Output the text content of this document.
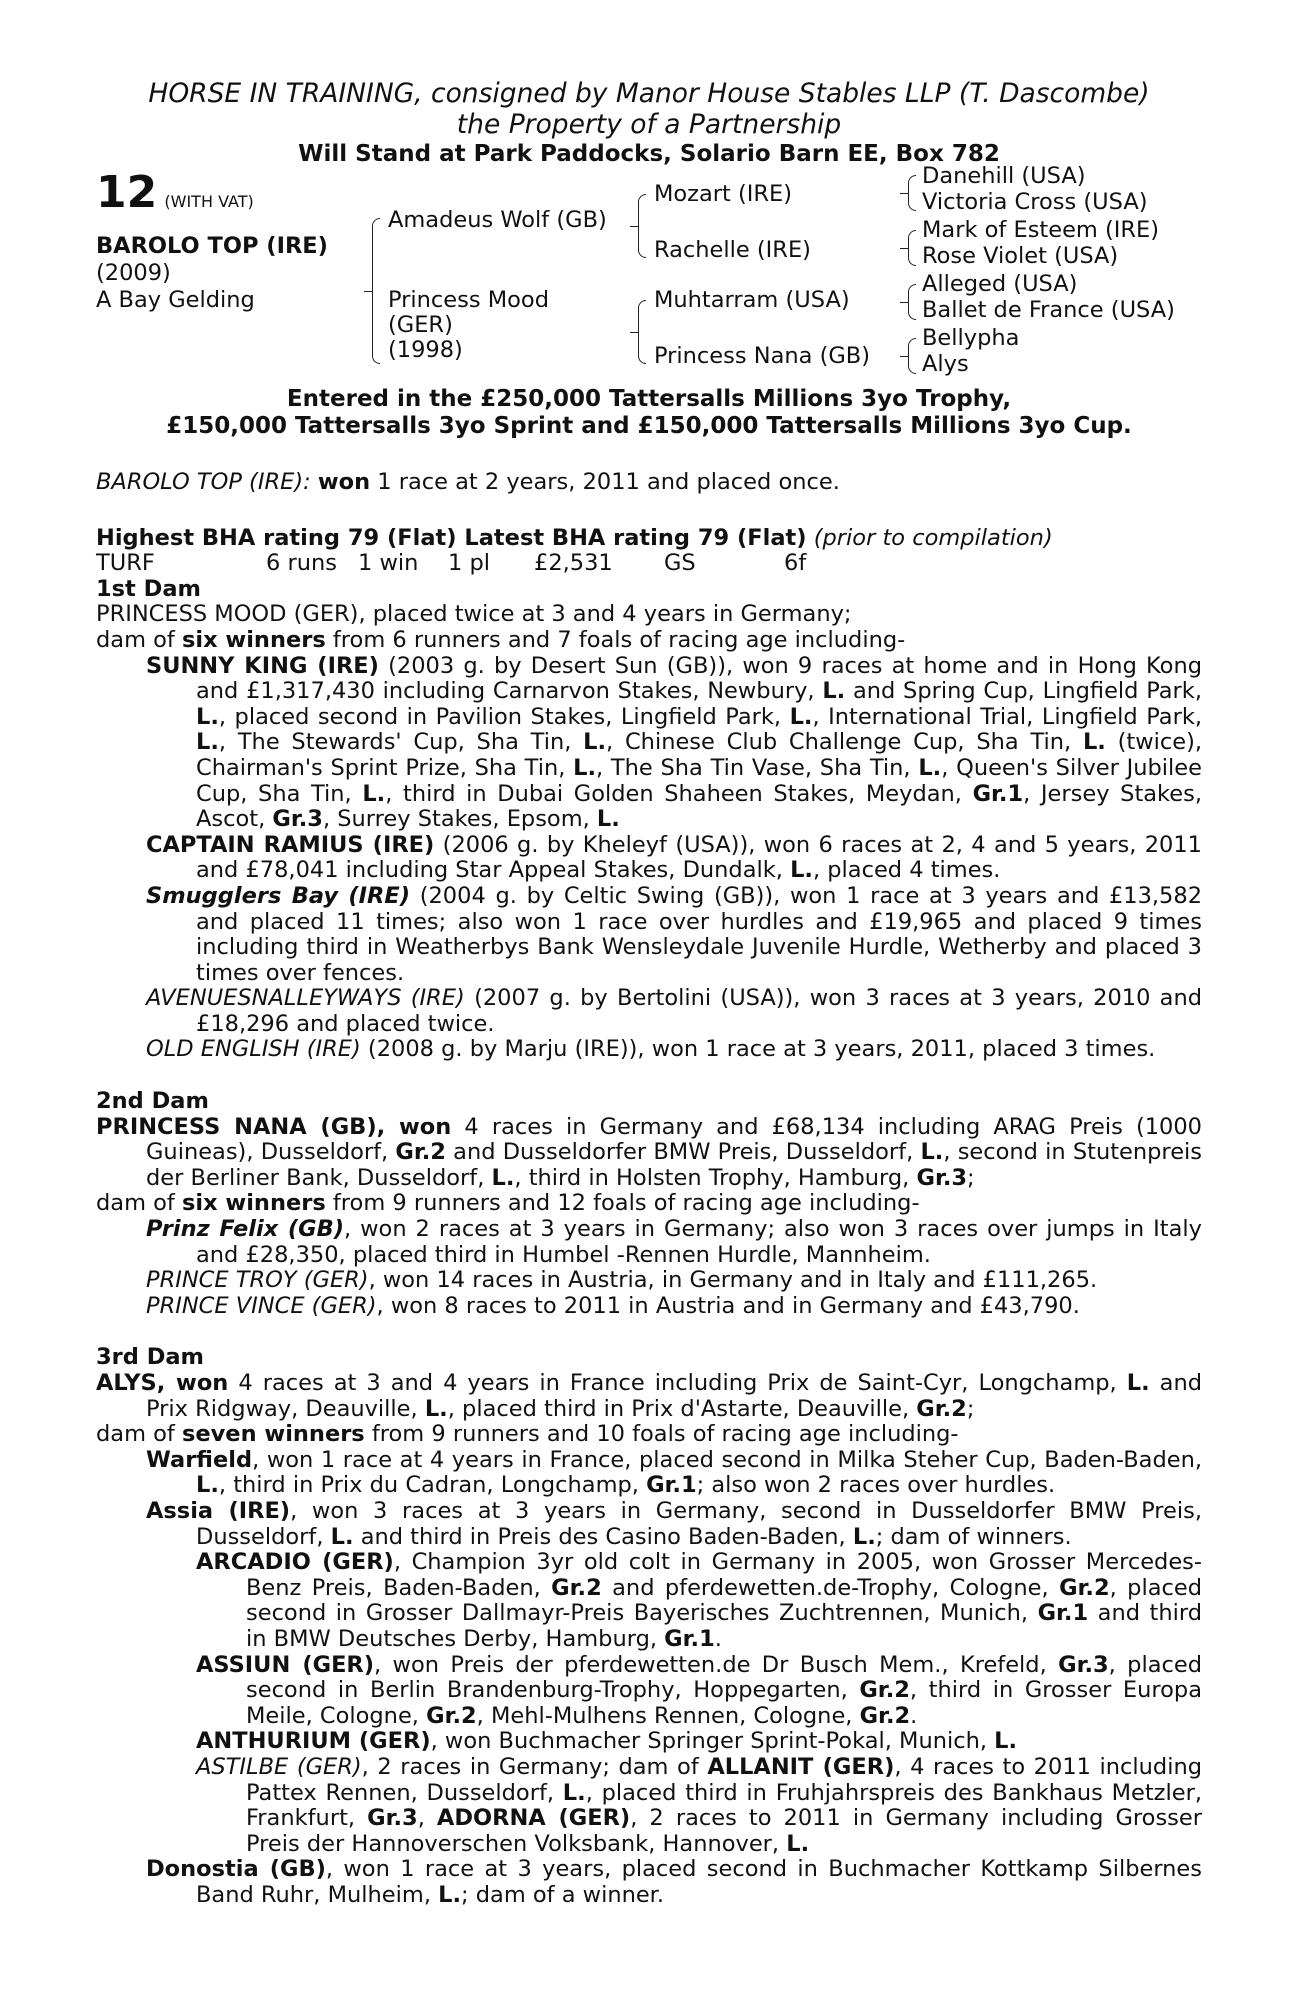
HORSE IN TRAINING, consigned by Manor House Stables LLP (T. Dascombe)
the Property of a Partnership
Will Stand at Park Paddocks, Solario Barn EE, Box 782
12 (WITH VAT)
BAROLO TOP (IRE)
(2009)
A Bay Gelding
Amadeus Wolf (GB)
Princess Mood
(GER)
(1998)
Mozart (IRE)
Rachelle (IRE)
Muhtarram (USA)
Princess Nana (GB)
Danehill (USA)
Victoria Cross (USA)
Mark of Esteem (IRE)
Rose Violet (USA)
Alleged (USA)
Ballet de France (USA)
Bellypha
Alys
Entered in the £250,000 Tattersalls Millions 3yo Trophy,
£150,000 Tattersalls 3yo Sprint and £150,000 Tattersalls Millions 3yo Cup.

BAROLO TOP (IRE): won 1 race at 2 years, 2011 and placed once.

Highest BHA rating 79 (Flat) Latest BHA rating 79 (Flat) (prior to compilation)

TURF	6 runs 1 win	1 pl	£2,531	GS	6f

1st Dam

PRINCESS MOOD (GER), placed twice at 3 and 4 years in Germany;

dam of six winners from 6 runners and 7 foals of racing age including-

SUNNY KING (IRE) (2003 g. by Desert Sun (GB)), won 9 races at home and in Hong Kong and £1,317,430 including Carnarvon Stakes, Newbury, L. and Spring Cup, Lingfield Park, L., placed second in Pavilion Stakes, Lingfield Park, L., International Trial, Lingfield Park, L., The Stewards' Cup, Sha Tin, L., Chinese Club Challenge Cup, Sha Tin, L. (twice), Chairman's Sprint Prize, Sha Tin, L., The Sha Tin Vase, Sha Tin, L., Queen's Silver Jubilee Cup, Sha Tin, L., third in Dubai Golden Shaheen Stakes, Meydan, Gr.1, Jersey Stakes, Ascot, Gr.3, Surrey Stakes, Epsom, L.

CAPTAIN RAMIUS (IRE) (2006 g. by Kheleyf (USA)), won 6 races at 2, 4 and 5 years, 2011 and £78,041 including Star Appeal Stakes, Dundalk, L., placed 4 times.

Smugglers Bay (IRE) (2004 g. by Celtic Swing (GB)), won 1 race at 3 years and £13,582 and placed 11 times; also won 1 race over hurdles and £19,965 and placed 9 times including third in Weatherbys Bank Wensleydale Juvenile Hurdle, Wetherby and placed 3 times over fences.

AVENUESNALLEYWAYS (IRE) (2007 g. by Bertolini (USA)), won 3 races at 3 years, 2010 and £18,296 and placed twice.

OLD ENGLISH (IRE) (2008 g. by Marju (IRE)), won 1 race at 3 years, 2011, placed 3 times.

2nd Dam

PRINCESS NANA (GB), won 4 races in Germany and £68,134 including ARAG Preis (1000 Guineas), Dusseldorf, Gr.2 and Dusseldorfer BMW Preis, Dusseldorf, L., second in Stutenpreis der Berliner Bank, Dusseldorf, L., third in Holsten Trophy, Hamburg, Gr.3;

dam of six winners from 9 runners and 12 foals of racing age including-

Prinz Felix (GB), won 2 races at 3 years in Germany; also won 3 races over jumps in Italy and £28,350, placed third in Humbel -Rennen Hurdle, Mannheim.

PRINCE TROY (GER), won 14 races in Austria, in Germany and in Italy and £111,265.

PRINCE VINCE (GER), won 8 races to 2011 in Austria and in Germany and £43,790.

3rd Dam

ALYS, won 4 races at 3 and 4 years in France including Prix de Saint-Cyr, Longchamp, L. and Prix Ridgway, Deauville, L., placed third in Prix d'Astarte, Deauville, Gr.2;

dam of seven winners from 9 runners and 10 foals of racing age including-

Warfield, won 1 race at 4 years in France, placed second in Milka Steher Cup, Baden-Baden, L., third in Prix du Cadran, Longchamp, Gr.1; also won 2 races over hurdles.

Assia (IRE), won 3 races at 3 years in Germany, second in Dusseldorfer BMW Preis, Dusseldorf, L. and third in Preis des Casino Baden-Baden, L.; dam of winners.

ARCADIO (GER), Champion 3yr old colt in Germany in 2005, won Grosser Mercedes-Benz Preis, Baden-Baden, Gr.2 and pferdewetten.de-Trophy, Cologne, Gr.2, placed second in Grosser Dallmayr-Preis Bayerisches Zuchtrennen, Munich, Gr.1 and third in BMW Deutsches Derby, Hamburg, Gr.1.

ASSIUN (GER), won Preis der pferdewetten.de Dr Busch Mem., Krefeld, Gr.3, placed second in Berlin Brandenburg-Trophy, Hoppegarten, Gr.2, third in Grosser Europa Meile, Cologne, Gr.2, Mehl-Mulhens Rennen, Cologne, Gr.2.

ANTHURIUM (GER), won Buchmacher Springer Sprint-Pokal, Munich, L.

ASTILBE (GER), 2 races in Germany; dam of ALLANIT (GER), 4 races to 2011 including Pattex Rennen, Dusseldorf, L., placed third in Fruhjahrspreis des Bankhaus Metzler, Frankfurt, Gr.3, ADORNA (GER), 2 races to 2011 in Germany including Grosser Preis der Hannoverschen Volksbank, Hannover, L.

Donostia (GB), won 1 race at 3 years, placed second in Buchmacher Kottkamp Silbernes Band Ruhr, Mulheim, L.; dam of a winner.
